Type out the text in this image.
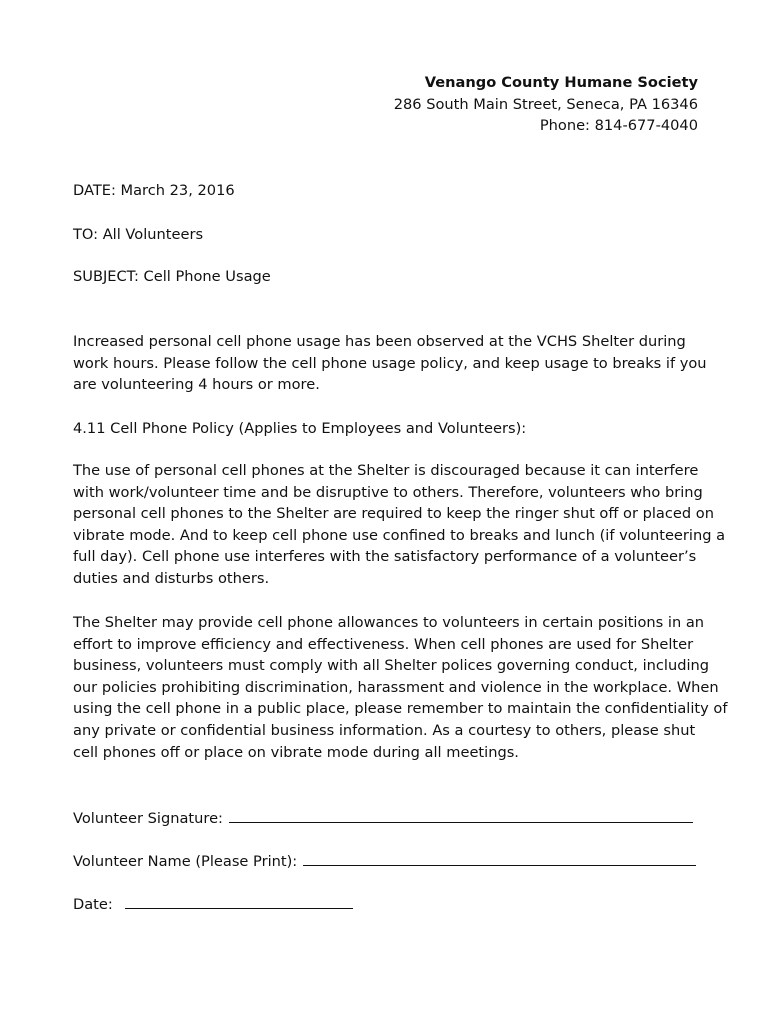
Venango County Humane Society
286 South Main Street, Seneca, PA 16346
Phone: 814-677-4040
DATE: March 23, 2016
TO: All Volunteers
SUBJECT: Cell Phone Usage

Increased personal cell phone usage has been observed at the VCHS Shelter during
work hours. Please follow the cell phone usage policy, and keep usage to breaks if you
are volunteering 4 hours or more.

4.11 Cell Phone Policy (Applies to Employees and Volunteers):

The use of personal cell phones at the Shelter is discouraged because it can interfere
with work/volunteer time and be disruptive to others. Therefore, volunteers who bring
personal cell phones to the Shelter are required to keep the ringer shut off or placed on
vibrate mode. And to keep cell phone use confined to breaks and lunch (if volunteering a
full day). Cell phone use interferes with the satisfactory performance of a volunteer’s
duties and disturbs others.

The Shelter may provide cell phone allowances to volunteers in certain positions in an
effort to improve efficiency and effectiveness. When cell phones are used for Shelter
business, volunteers must comply with all Shelter polices governing conduct, including
our policies prohibiting discrimination, harassment and violence in the workplace. When
using the cell phone in a public place, please remember to maintain the confidentiality of
any private or confidential business information. As a courtesy to others, please shut
cell phones off or place on vibrate mode during all meetings.

Volunteer Signature:
Volunteer Name (Please Print):
Date:
